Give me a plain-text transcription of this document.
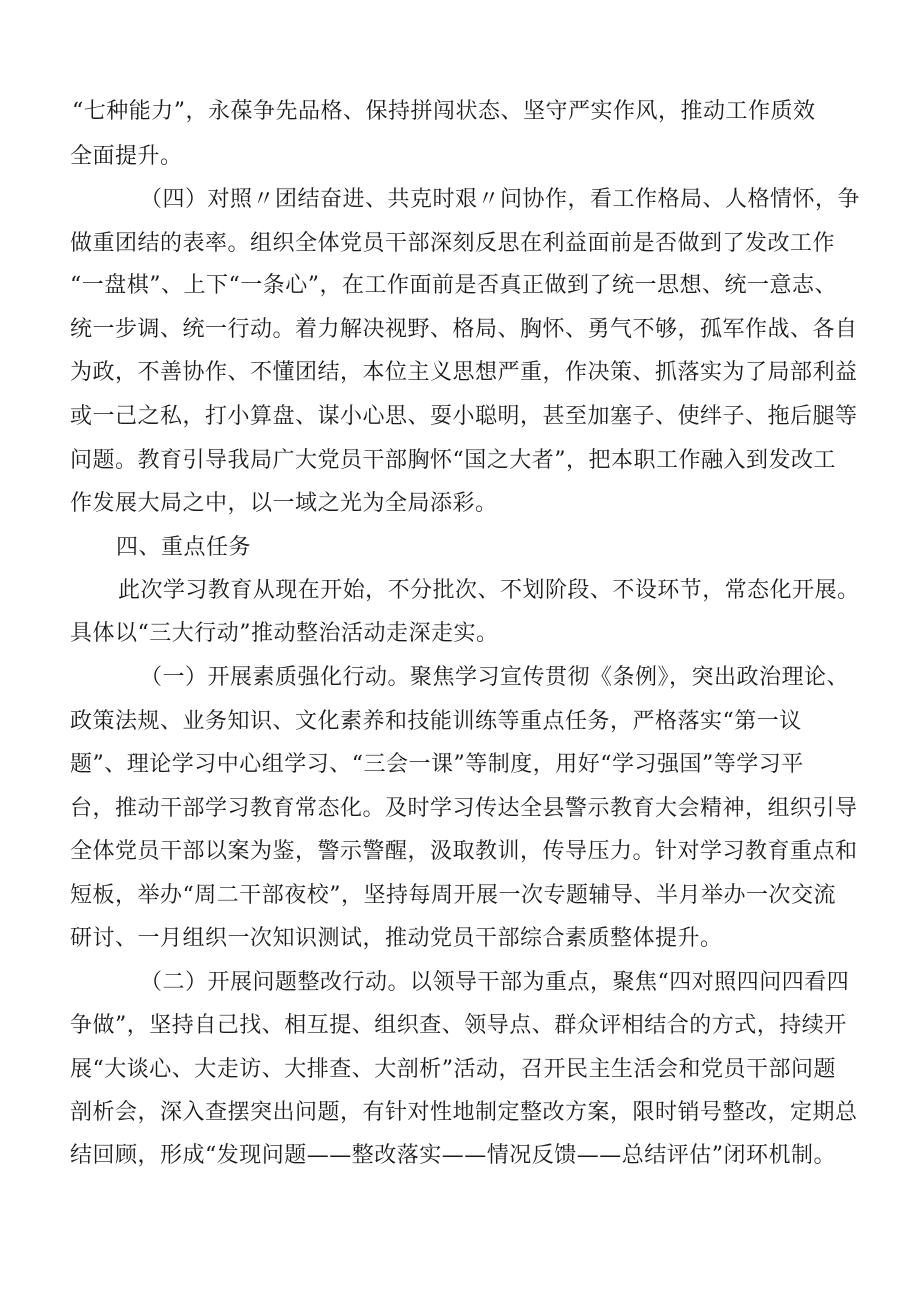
“七种能力”，永葆争先品格、保持拼闯状态、坚守严实作风，推动工作质效
全面提升。
（四）对照〃团结奋进、共克时艰〃问协作，看工作格局、人格情怀，争
做重团结的表率。组织全体党员干部深刻反思在利益面前是否做到了发改工作
“一盘棋”、上下“一条心”，在工作面前是否真正做到了统一思想、统一意志、
统一步调、统一行动。着力解决视野、格局、胸怀、勇气不够，孤军作战、各自
为政，不善协作、不懂团结，本位主义思想严重，作决策、抓落实为了局部利益
或一己之私，打小算盘、谋小心思、耍小聪明，甚至加塞子、使绊子、拖后腿等
问题。教育引导我局广大党员干部胸怀“国之大者”，把本职工作融入到发改工
作发展大局之中，以一域之光为全局添彩。
四、重点任务
此次学习教育从现在开始，不分批次、不划阶段、不设环节，常态化开展。
具体以“三大行动”推动整治活动走深走实。
（一）开展素质强化行动。聚焦学习宣传贯彻《条例》，突出政治理论、
政策法规、业务知识、文化素养和技能训练等重点任务，严格落实“第一议
题”、理论学习中心组学习、“三会一课”等制度，用好“学习强国”等学习平
台，推动干部学习教育常态化。及时学习传达全县警示教育大会精神，组织引导
全体党员干部以案为鉴，警示警醒，汲取教训，传导压力。针对学习教育重点和
短板，举办“周二干部夜校”，坚持每周开展一次专题辅导、半月举办一次交流
研讨、一月组织一次知识测试，推动党员干部综合素质整体提升。
（二）开展问题整改行动。以领导干部为重点，聚焦“四对照四问四看四
争做”，坚持自己找、相互提、组织查、领导点、群众评相结合的方式，持续开
展“大谈心、大走访、大排查、大剖析”活动，召开民主生活会和党员干部问题
剖析会，深入查摆突出问题，有针对性地制定整改方案，限时销号整改，定期总
结回顾，形成“发现问题——整改落实——情况反馈——总结评估”闭环机制。
